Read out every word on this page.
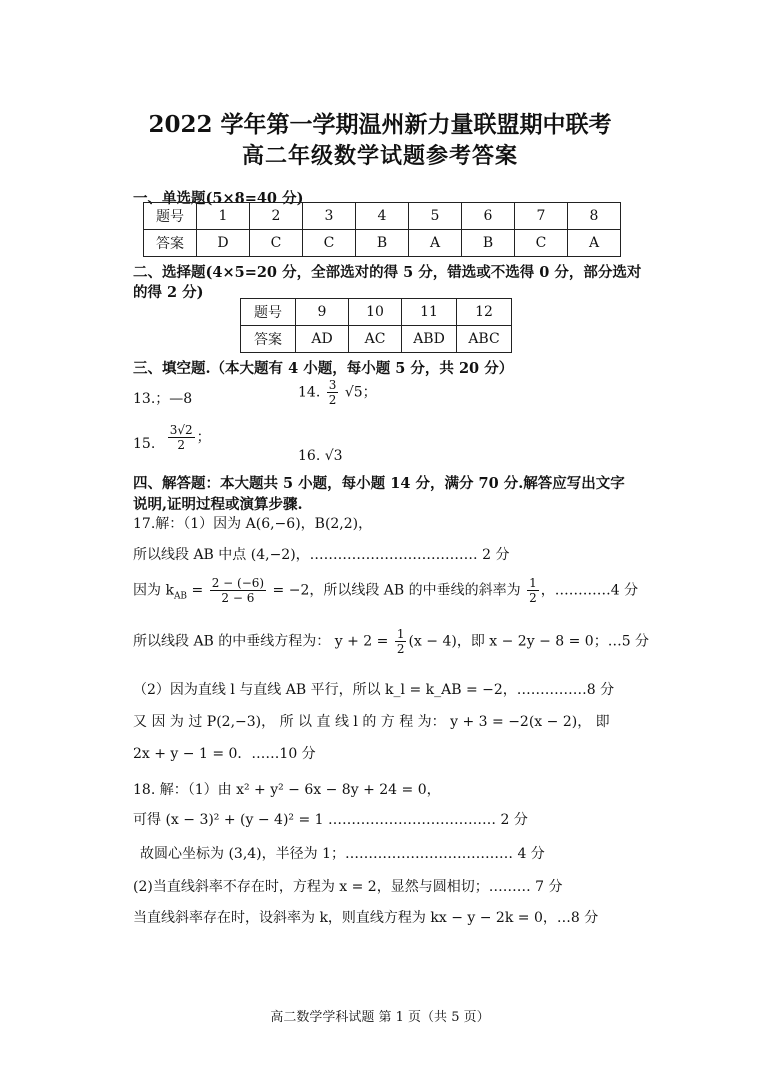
2022 学年第一学期温州新力量联盟期中联考
高二年级数学试题参考答案
一、单选题(5×8=40 分)
题号	1	2	3	4	5	6	7	8
答案	D	C	C	B	A	B	C	A
二、选择题(4×5=20 分，全部选对的得 5 分，错选或不选得 0 分，部分选对
的得 2 分)
题号	9	10	11	12
答案	AD	AC	ABD	ABC
三、填空题.（本大题有 4 小题，每小题 5 分，共 20 分）
13.；—8	14. $\frac{3}{2} √5$；
15. $\frac{3√2}{2}$ ；
16. √3
四、解答题：本大题共 5 小题，每小题 14 分，满分 70 分.解答应写出文字
说明,证明过程或演算步骤.
17.解：（1）因为 A(6,−6)，B(2,2)，
所以线段 AB 中点 (4,−2)，……………………………… 2 分
因为 $k_{AB} = \frac{2 - (-6)}{2 - 6} = -2$，所以线段 AB 的中垂线的斜率为 $\frac{1}{2}$ ，…………4 分
所以线段 AB 的中垂线方程为： $y + 2 = \frac{1}{2} (x - 4)$，即 x − 2y − 8 = 0；…5 分
（2）因为直线 l 与直线 AB 平行，所以 k_l = k_AB = −2，……………8 分
又 因 为 过 P(2,−3)， 所 以 直 线 l 的 方 程 为： y + 3 = −2(x − 2)， 即
2x + y − 1 = 0．……10 分
18. 解：（1）由 x² + y² − 6x − 8y + 24 = 0，
可得 (x − 3)² + (y − 4)² = 1 ……………………………… 2 分
故圆心坐标为 (3,4)，半径为 1；……………………………… 4 分
(2)当直线斜率不存在时，方程为 x = 2，显然与圆相切；……… 7 分
当直线斜率存在时，设斜率为 k，则直线方程为 kx − y − 2k = 0，…8 分
高二数学学科试题 第 1 页（共 5 页）
